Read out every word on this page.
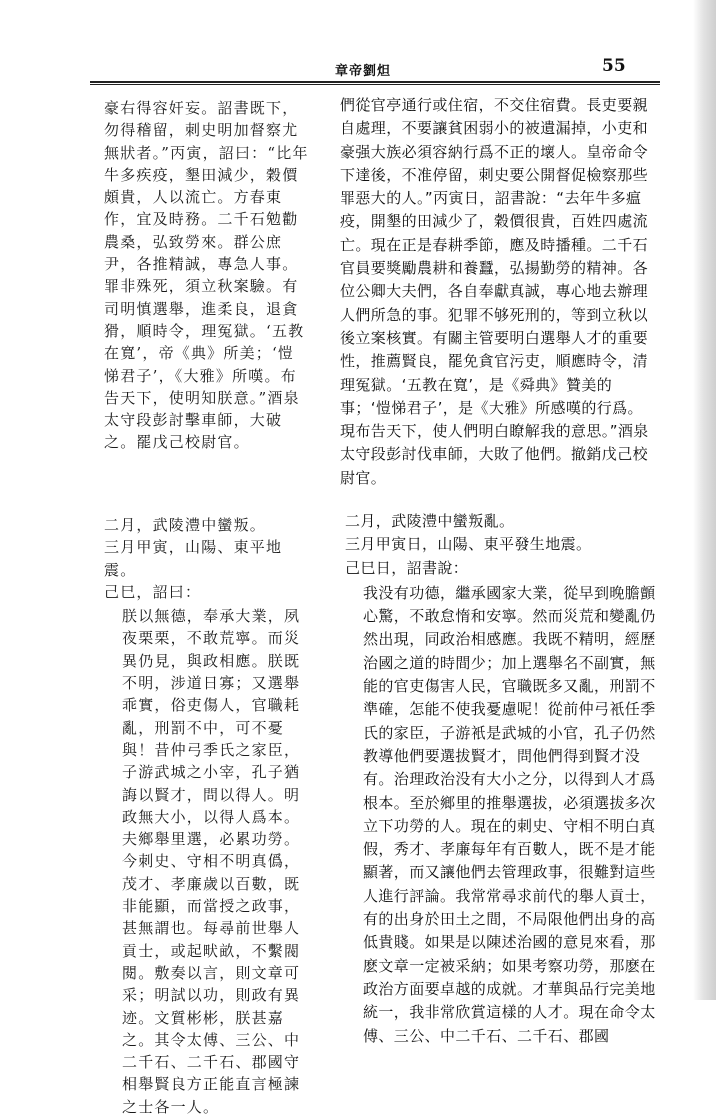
章帝劉炟	55

豪右得容奸妄。詔書既下，勿得稽留，刺史明加督察尤無狀者。”丙寅，詔曰：“比年牛多疾疫，墾田減少，穀價頗貴，人以流亡。方春東作，宜及時務。二千石勉勸農桑，弘致勞來。群公庶尹，各推精誠，專急人事。罪非殊死，須立秋案驗。有司明慎選舉，進柔良，退貪猾，順時令，理冤獄。‘五教在寬’，帝《典》所美；‘愷悌君子’，《大雅》所嘆。布告天下，使明知朕意。”酒泉太守段彭討擊車師，大破之。罷戊己校尉官。

們從官亭通行或住宿，不交住宿費。長吏要親自處理，不要讓貧困弱小的被遺漏掉，小吏和豪强大族必須容納行爲不正的壞人。皇帝命令下達後，不准停留，刺史要公開督促檢察那些罪惡大的人。”丙寅日，詔書說：“去年牛多瘟疫，開墾的田減少了，穀價很貴，百姓四處流亡。現在正是春耕季節，應及時播種。二千石官員要獎勵農耕和養蠶，弘揚勤勞的精神。各位公卿大夫們，各自奉獻真誠，專心地去辦理人們所急的事。犯罪不够死刑的，等到立秋以後立案核實。有關主管要明白選舉人才的重要性，推薦賢良，罷免貪官污吏，順應時令，清理冤獄。‘五教在寬’，是《舜典》贊美的事；‘愷悌君子’，是《大雅》所感嘆的行爲。現布告天下，使人們明白瞭解我的意思。”酒泉太守段彭討伐車師，大敗了他們。撤銷戊己校尉官。

二月，武陵澧中蠻叛。

三月甲寅，山陽、東平地震。

己巳，詔曰：

朕以無德，奉承大業，夙夜栗栗，不敢荒寧。而災異仍見，與政相應。朕既不明，涉道日寡；又選舉乖實，俗吏傷人，官職耗亂，刑罰不中，可不憂與！昔仲弓季氏之家臣，子游武城之小宰，孔子猶誨以賢才，問以得人。明政無大小，以得人爲本。夫鄉舉里選，必累功勞。今刺史、守相不明真僞，茂才、孝廉歲以百數，既非能顯，而當授之政事，甚無謂也。每尋前世舉人貢士，或起畎畝，不繫閥閱。敷奏以言，則文章可采；明試以功，則政有異迹。文質彬彬，朕甚嘉之。其令太傅、三公、中二千石、二千石、郡國守相舉賢良方正能直言極諫之士各一人。

二月，武陵澧中蠻叛亂。

三月甲寅日，山陽、東平發生地震。

己巳日，詔書說：

我没有功德，繼承國家大業，從早到晚膽顫心驚，不敢怠惰和安寧。然而災荒和變亂仍然出現，同政治相感應。我既不精明，經歷治國之道的時間少；加上選舉名不副實，無能的官吏傷害人民，官職既多又亂，刑罰不準確，怎能不使我憂慮呢！從前仲弓衹任季氏的家臣，子游衹是武城的小官，孔子仍然教導他們要選拔賢才，問他們得到賢才没有。治理政治没有大小之分，以得到人才爲根本。至於鄉里的推舉選拔，必須選拔多次立下功勞的人。現在的刺史、守相不明白真假，秀才、孝廉每年有百數人，既不是才能顯著，而又讓他們去管理政事，很難對這些人進行評論。我常常尋求前代的舉人貢士，有的出身於田土之間，不局限他們出身的高低貴賤。如果是以陳述治國的意見來看，那麽文章一定被采納；如果考察功勞，那麽在政治方面要卓越的成就。才華與品行完美地統一，我非常欣賞這樣的人才。現在命令太傅、三公、中二千石、二千石、郡國
